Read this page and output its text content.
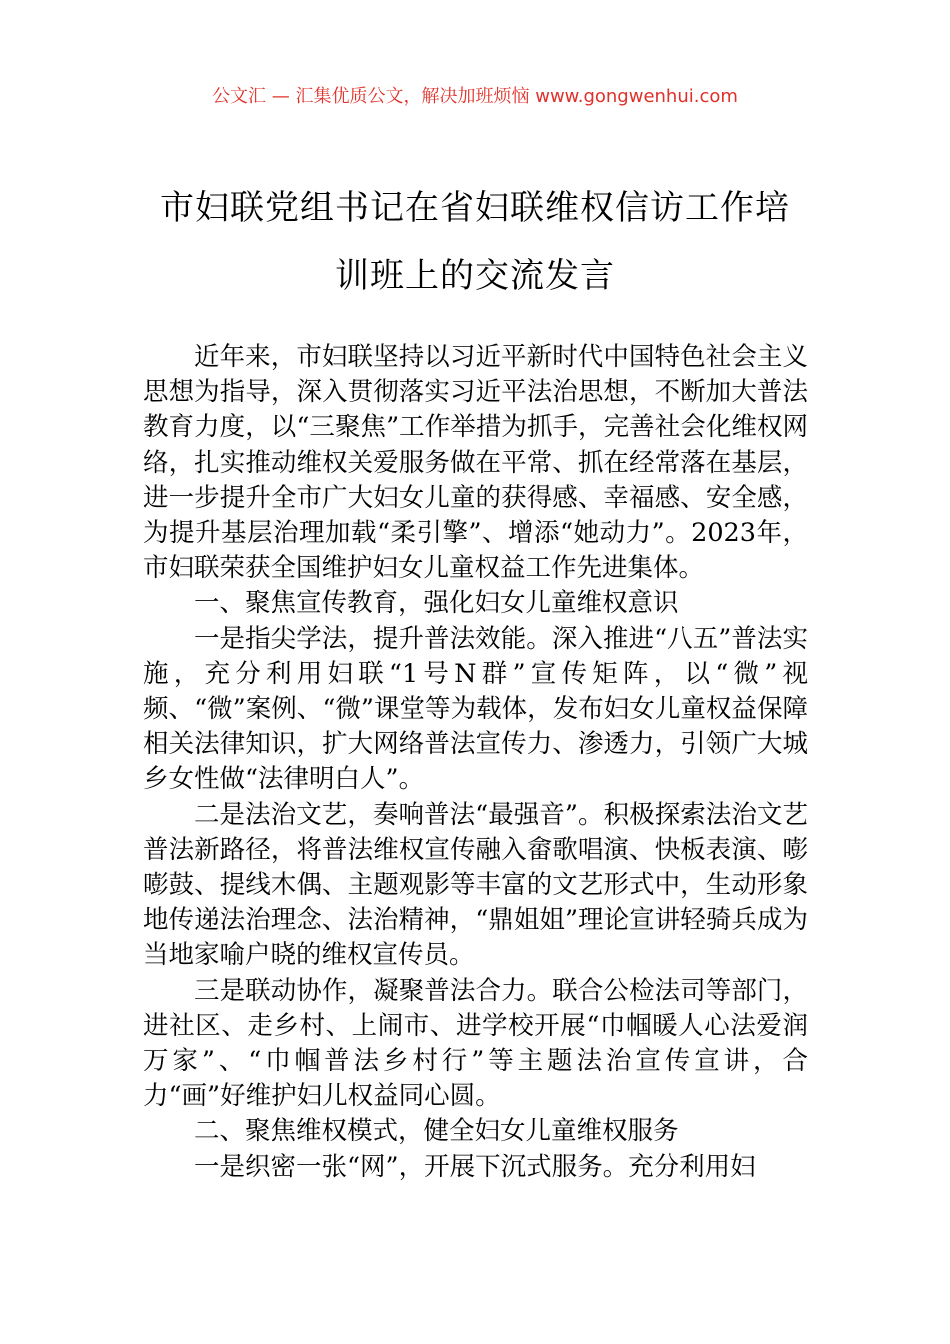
公文汇 — 汇集优质公文，解决加班烦恼 www.gongwenhui.com
市妇联党组书记在省妇联维权信访工作培
训班上的交流发言

近年来，市妇联坚持以习近平新时代中国特色社会主义思想为指导，深入贯彻落实习近平法治思想，不断加大普法教育力度，以“三聚焦”工作举措为抓手，完善社会化维权网络，扎实推动维权关爱服务做在平常、抓在经常落在基层，进一步提升全市广大妇女儿童的获得感、幸福感、安全感，为提升基层治理加载“柔引擎”、增添“她动力”。2023年，市妇联荣获全国维护妇女儿童权益工作先进集体。

一、聚焦宣传教育，强化妇女儿童维权意识

一是指尖学法，提升普法效能。深入推进“八五”普法实施，充分利用妇联“1号N群”宣传矩阵，以“微”视频、“微”案例、“微”课堂等为载体，发布妇女儿童权益保障相关法律知识，扩大网络普法宣传力、渗透力，引领广大城乡女性做“法律明白人”。

二是法治文艺，奏响普法“最强音”。积极探索法治文艺普法新路径，将普法维权宣传融入畲歌唱演、快板表演、嘭嘭鼓、提线木偶、主题观影等丰富的文艺形式中，生动形象地传递法治理念、法治精神，“鼎姐姐”理论宣讲轻骑兵成为当地家喻户晓的维权宣传员。

三是联动协作，凝聚普法合力。联合公检法司等部门，进社区、走乡村、上闹市、进学校开展“巾帼暖人心法爱润万家”、“巾帼普法乡村行”等主题法治宣传宣讲，合力“画”好维护妇儿权益同心圆。

二、聚焦维权模式，健全妇女儿童维权服务

一是织密一张“网”，开展下沉式服务。充分利用妇
